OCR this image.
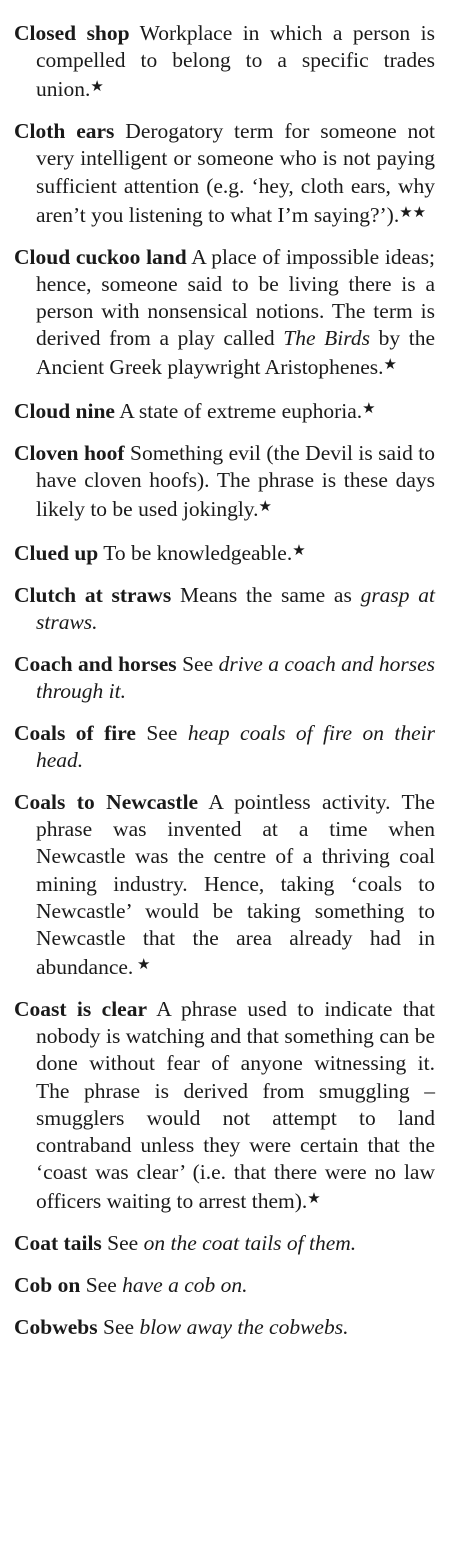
Closed shop Workplace in which a person is compelled to belong to a specific trades union.★

Cloth ears Derogatory term for someone not very intelligent or someone who is not paying sufficient attention (e.g. ‘hey, cloth ears, why aren’t you listening to what I’m saying?’).★★

Cloud cuckoo land A place of impossible ideas; hence, someone said to be living there is a person with nonsensical notions. The term is derived from a play called The Birds by the Ancient Greek playwright Aristophenes.★

Cloud nine A state of extreme euphoria.★

Cloven hoof Something evil (the Devil is said to have cloven hoofs). The phrase is these days likely to be used jokingly.★

Clued up To be knowledgeable.★

Clutch at straws Means the same as grasp at straws.

Coach and horses See drive a coach and horses through it.

Coals of fire See heap coals of fire on their head.

Coals to Newcastle A pointless activity. The phrase was invented at a time when Newcastle was the centre of a thriving coal mining industry. Hence, taking ‘coals to Newcastle’ would be taking something to Newcastle that the area already had in abundance. ★

Coast is clear A phrase used to indicate that nobody is watching and that something can be done without fear of anyone witnessing it. The phrase is derived from smuggling – smugglers would not attempt to land contraband unless they were certain that the ‘coast was clear’ (i.e. that there were no law officers waiting to arrest them).★

Coat tails See on the coat tails of them.

Cob on See have a cob on.

Cobwebs See blow away the cobwebs.
